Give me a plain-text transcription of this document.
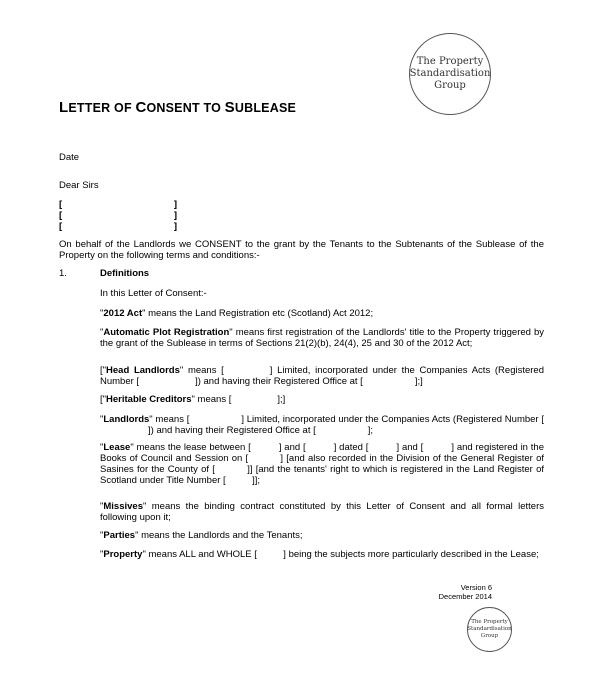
The Property
Standardisation
Group
LETTER OF CONSENT TO SUBLEASE
Date
Dear Sirs
[	]
[	]
[	]
On behalf of the Landlords we CONSENT to the grant by the Tenants to the Subtenants of the Sublease of the Property on the following terms and conditions:-
1.	Definitions
In this Letter of Consent:-
"2012 Act" means the Land Registration etc (Scotland) Act 2012;
"Automatic Plot Registration" means first registration of the Landlords' title to the Property triggered by the grant of the Sublease in terms of Sections 21(2)(b), 24(4), 25 and 30 of the 2012 Act;
["Head Landlords" means [	] Limited, incorporated under the Companies Acts (Registered Number [	]) and having their Registered Office at [	];]
["Heritable Creditors" means [	];]
"Landlords" means [	] Limited, incorporated under the Companies Acts (Registered Number []) and having their Registered Office at [	];
"Lease" means the lease between [          ] and [          ] dated [          ] and [          ] and registered in the Books of Council and Session on [          ] [and also recorded in the Division of the General Register of Sasines for the County of [          ]] [and the tenants' right to which is registered in the Land Register of Scotland under Title Number [          ]];
"Missives" means the binding contract constituted by this Letter of Consent and all formal letters following upon it;
"Parties" means the Landlords and the Tenants;
"Property" means ALL and WHOLE [          ] being the subjects more particularly described in the Lease;
Version 6
December 2014
The Property
Standardisation
Group
